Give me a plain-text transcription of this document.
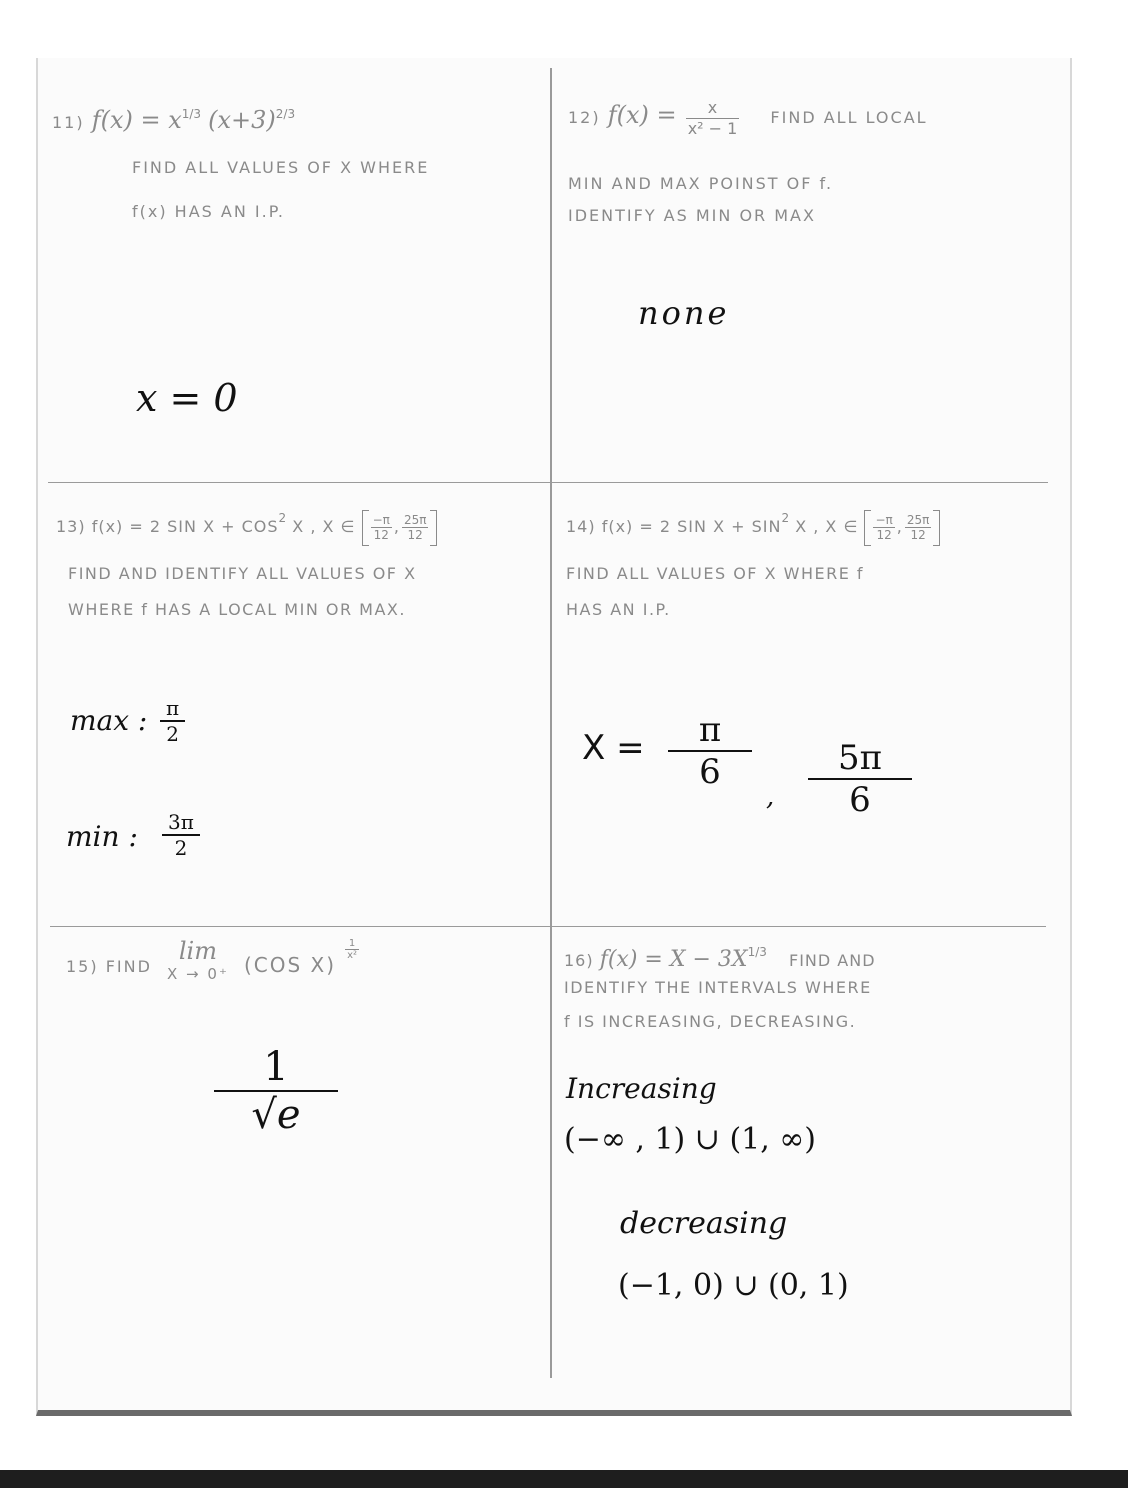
11) $f(x) = x^{1/3}$ $(x+3)^{2/3}$
FIND ALL VALUES OF X WHERE
f(x) HAS AN I.P.
x = 0
12) $f(x) = \frac{x}{\text{x² − 1}}$ FIND ALL LOCAL
MIN AND MAX POINST OF f.
IDENTIFY AS MIN OR MAX
none
13) f(x) = 2 SIN $X + COS^2$ X , X ∈ $\frac{-\pi}{12}$ , $\frac{25\pi}{12}$
FIND AND IDENTIFY ALL VALUES OF X
WHERE f HAS A LOCAL MIN OR MAX.
max : $\frac{\pi}{2}$
min : $\frac{3\pi}{2}$
14) f(x) = 2 SIN $X + SIN^2$ X , X ∈ $\frac{-\pi}{12}$ , $\frac{25\pi}{12}$
FIND ALL VALUES OF X WHERE f
HAS AN I.P.
$X = \frac{\pi}{6}$
, $\frac{5\pi}{6}$
15) FIND
lim
X → 0⁺ (COS X)
$\frac{1}{\text{x²}}$
$\frac{1}{√e}$
16) $f(x) = X - 3X^{1/3}$ FIND AND
IDENTIFY THE INTERVALS WHERE
f IS INCREASING, DECREASING.
Increasing
(−∞ , 1) ∪ (1, ∞)
decreasing
(−1, 0) ∪ (0, 1)
